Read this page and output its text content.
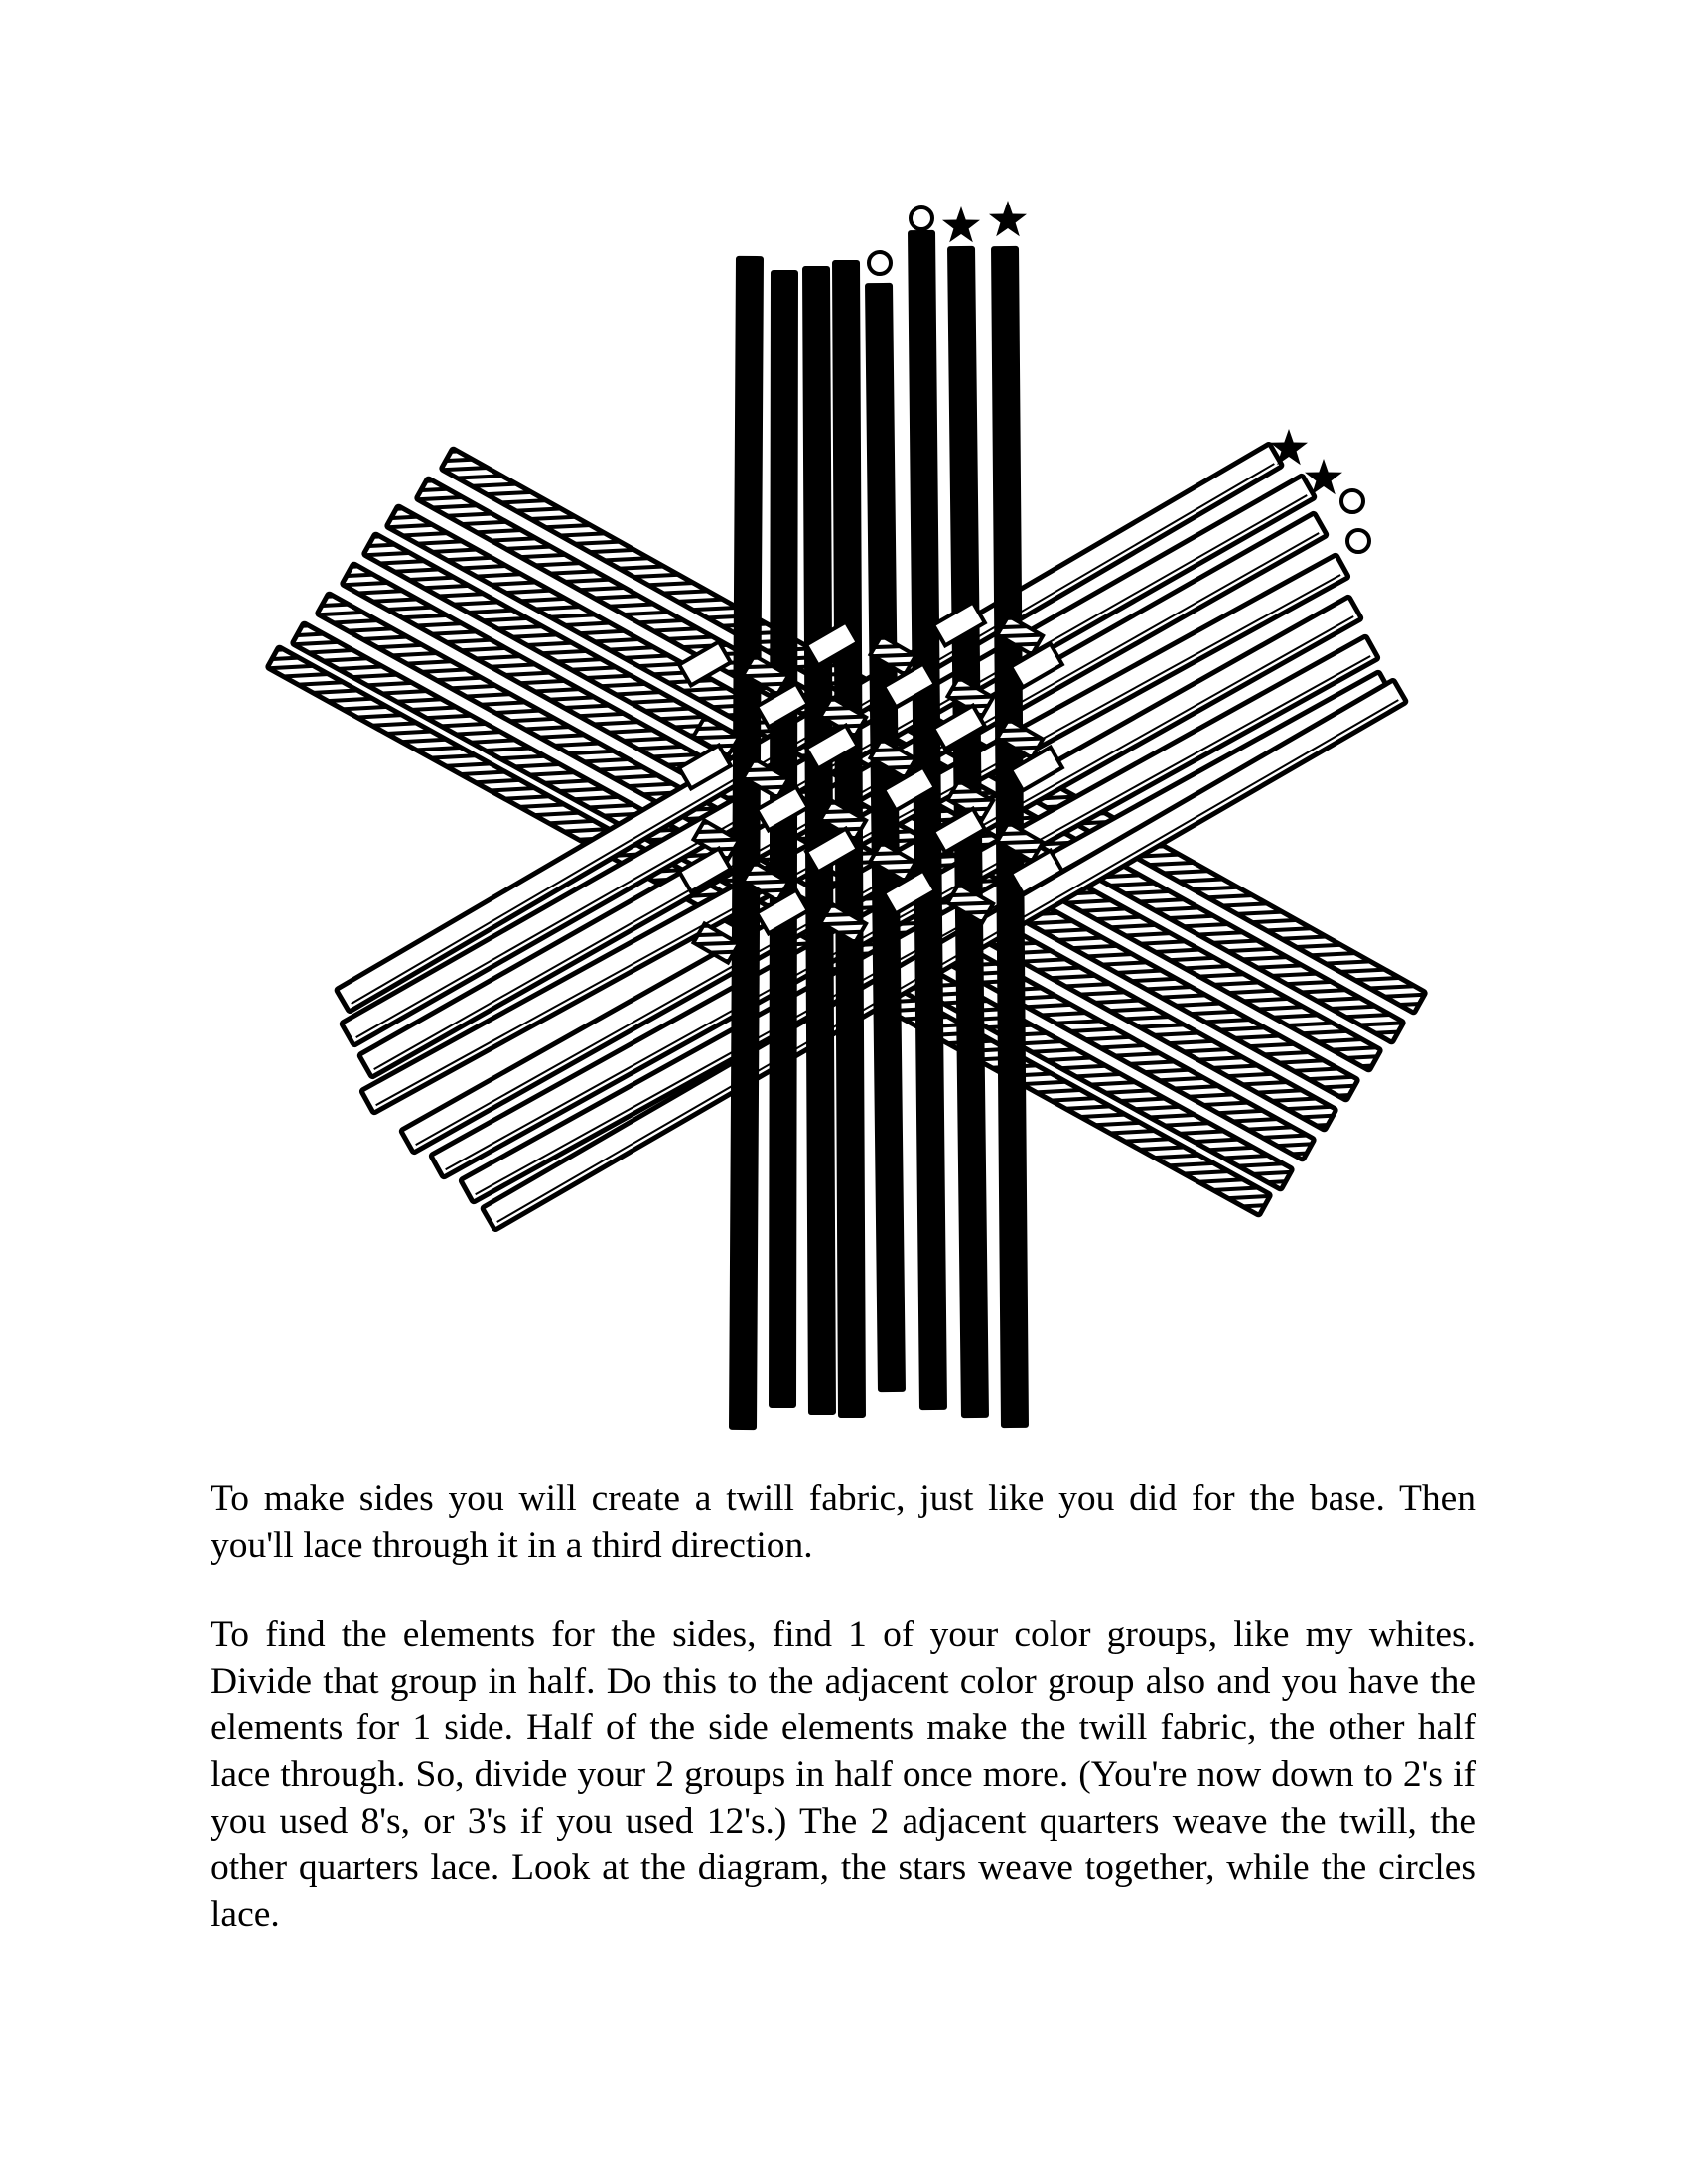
To make sides you will create a twill fabric, just like you did for the base. Then you'll lace through it in a third direction.

To find the elements for the sides, find 1 of your color groups, like my whites. Divide that group in half. Do this to the adjacent color group also and you have the elements for 1 side. Half of the side elements make the twill fabric, the other half lace through. So, divide your 2 groups in half once more. (You're now down to 2's if you used 8's, or 3's if you used 12's.) The 2 adjacent quarters weave the twill, the other quarters lace. Look at the diagram, the stars weave together, while the circles lace.
